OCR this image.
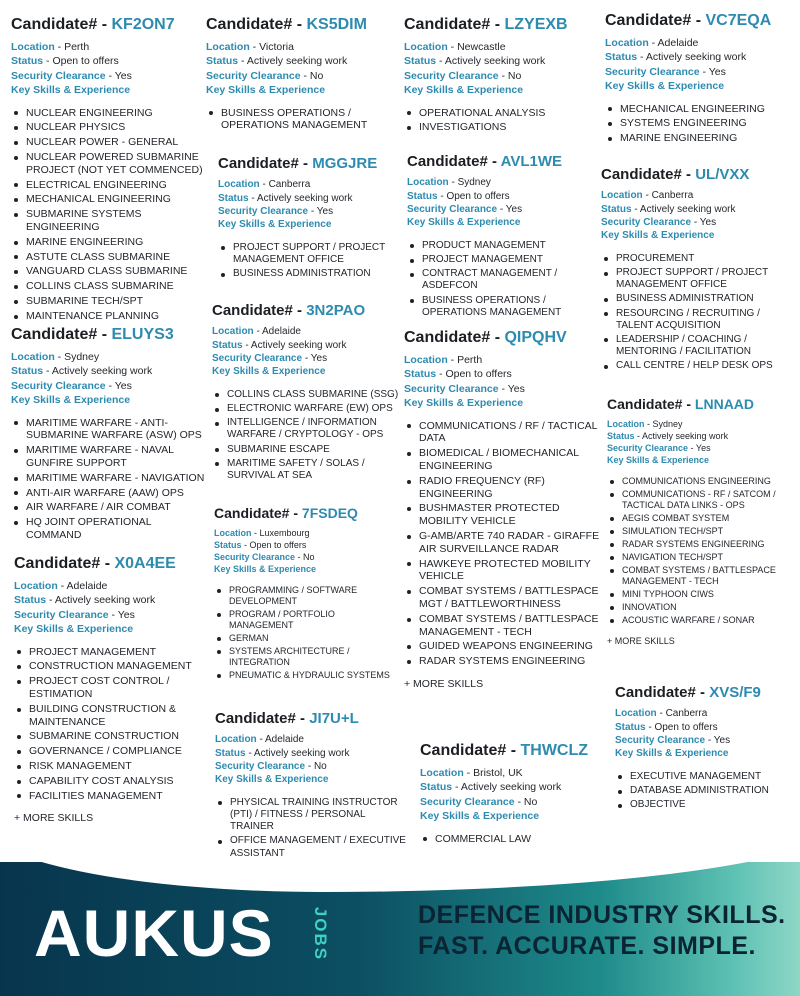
Candidate# - KF2ON7
Location - Perth
Status - Open to offers
Security Clearance - Yes
Key Skills & Experience
NUCLEAR ENGINEERING
NUCLEAR PHYSICS
NUCLEAR POWER - GENERAL
NUCLEAR POWERED SUBMARINE PROJECT (NOT YET COMMENCED)
ELECTRICAL ENGINEERING
MECHANICAL ENGINEERING
SUBMARINE SYSTEMS ENGINEERING
MARINE ENGINEERING
ASTUTE CLASS SUBMARINE
VANGUARD CLASS SUBMARINE
COLLINS CLASS SUBMARINE
SUBMARINE TECH/SPT
MAINTENANCE PLANNING
Candidate# - ELUYS3
Location - Sydney
Status - Actively seeking work
Security Clearance - Yes
Key Skills & Experience
MARITIME WARFARE - ANTI-SUBMARINE WARFARE (ASW) OPS
MARITIME WARFARE - NAVAL GUNFIRE SUPPORT
MARITIME WARFARE - NAVIGATION
ANTI-AIR WARFARE (AAW) OPS
AIR WARFARE / AIR COMBAT
HQ JOINT OPERATIONAL COMMAND
Candidate# - X0A4EE
Location - Adelaide
Status - Actively seeking work
Security Clearance - Yes
Key Skills & Experience
PROJECT MANAGEMENT
CONSTRUCTION MANAGEMENT
PROJECT COST CONTROL / ESTIMATION
BUILDING CONSTRUCTION & MAINTENANCE
SUBMARINE CONSTRUCTION
GOVERNANCE / COMPLIANCE
RISK MANAGEMENT
CAPABILITY COST ANALYSIS
FACILITIES MANAGEMENT
+ MORE SKILLS
Candidate# - KS5DIM
Location - Victoria
Status - Actively seeking work
Security Clearance - No
Key Skills & Experience
BUSINESS OPERATIONS / OPERATIONS MANAGEMENT
Candidate# - MGGJRE
Location - Canberra
Status - Actively seeking work
Security Clearance - Yes
Key Skills & Experience
PROJECT SUPPORT / PROJECT MANAGEMENT OFFICE
BUSINESS ADMINISTRATION
Candidate# - 3N2PAO
Location - Adelaide
Status - Actively seeking work
Security Clearance - Yes
Key Skills & Experience
COLLINS CLASS SUBMARINE (SSG)
ELECTRONIC WARFARE (EW) OPS
INTELLIGENCE / INFORMATION WARFARE / CRYPTOLOGY - OPS
SUBMARINE ESCAPE
MARITIME SAFETY / SOLAS / SURVIVAL AT SEA
Candidate# - 7FSDEQ
Location - Luxembourg
Status - Open to offers
Security Clearance - No
Key Skills & Experience
PROGRAMMING / SOFTWARE DEVELOPMENT
PROGRAM / PORTFOLIO MANAGEMENT
GERMAN
SYSTEMS ARCHITECTURE / INTEGRATION
PNEUMATIC & HYDRAULIC SYSTEMS
Candidate# - JI7U+L
Location - Adelaide
Status - Actively seeking work
Security Clearance - No
Key Skills & Experience
PHYSICAL TRAINING INSTRUCTOR (PTI) / FITNESS / PERSONAL TRAINER
OFFICE MANAGEMENT / EXECUTIVE ASSISTANT
Candidate# - LZYEXB
Location - Newcastle
Status - Actively seeking work
Security Clearance - No
Key Skills & Experience
OPERATIONAL ANALYSIS
INVESTIGATIONS
Candidate# - AVL1WE
Location - Sydney
Status - Open to offers
Security Clearance - Yes
Key Skills & Experience
PRODUCT MANAGEMENT
PROJECT MANAGEMENT
CONTRACT MANAGEMENT / ASDEFCON
BUSINESS OPERATIONS / OPERATIONS MANAGEMENT
Candidate# - QIPQHV
Location - Perth
Status - Open to offers
Security Clearance - Yes
Key Skills & Experience
COMMUNICATIONS / RF / TACTICAL DATA
BIOMEDICAL / BIOMECHANICAL ENGINEERING
RADIO FREQUENCY (RF) ENGINEERING
BUSHMASTER PROTECTED MOBILITY VEHICLE
G-AMB/ARTE 740 RADAR - GIRAFFE AIR SURVEILLANCE RADAR
HAWKEYE PROTECTED MOBILITY VEHICLE
COMBAT SYSTEMS / BATTLESPACE MGT / BATTLEWORTHINESS
COMBAT SYSTEMS / BATTLESPACE MANAGEMENT - TECH
GUIDED WEAPONS ENGINEERING
RADAR SYSTEMS ENGINEERING
+ MORE SKILLS
Candidate# - THWCLZ
Location - Bristol, UK
Status - Actively seeking work
Security Clearance - No
Key Skills & Experience
COMMERCIAL LAW
Candidate# - VC7EQA
Location - Adelaide
Status - Actively seeking work
Security Clearance - Yes
Key Skills & Experience
MECHANICAL ENGINEERING
SYSTEMS ENGINEERING
MARINE ENGINEERING
Candidate# - UL/VXX
Location - Canberra
Status - Actively seeking work
Security Clearance - Yes
Key Skills & Experience
PROCUREMENT
PROJECT SUPPORT / PROJECT MANAGEMENT OFFICE
BUSINESS ADMINISTRATION
RESOURCING / RECRUITING / TALENT ACQUISITION
LEADERSHIP / COACHING / MENTORING / FACILITATION
CALL CENTRE / HELP DESK OPS
Candidate# - LNNAAD
Location - Sydney
Status - Actively seeking work
Security Clearance - Yes
Key Skills & Experience
COMMUNICATIONS ENGINEERING
COMMUNICATIONS - RF / SATCOM / TACTICAL DATA LINKS - OPS
AEGIS COMBAT SYSTEM
SIMULATION TECH/SPT
RADAR SYSTEMS ENGINEERING
NAVIGATION TECH/SPT
COMBAT SYSTEMS / BATTLESPACE MANAGEMENT - TECH
MINI TYPHOON CIWS
INNOVATION
ACOUSTIC WARFARE / SONAR
+ MORE SKILLS
Candidate# - XVS/F9
Location - Canberra
Status - Open to offers
Security Clearance - Yes
Key Skills & Experience
EXECUTIVE MANAGEMENT
DATABASE ADMINISTRATION
OBJECTIVE
AUKUS JOBS	DEFENCE INDUSTRY SKILLS.
FAST. ACCURATE. SIMPLE.
